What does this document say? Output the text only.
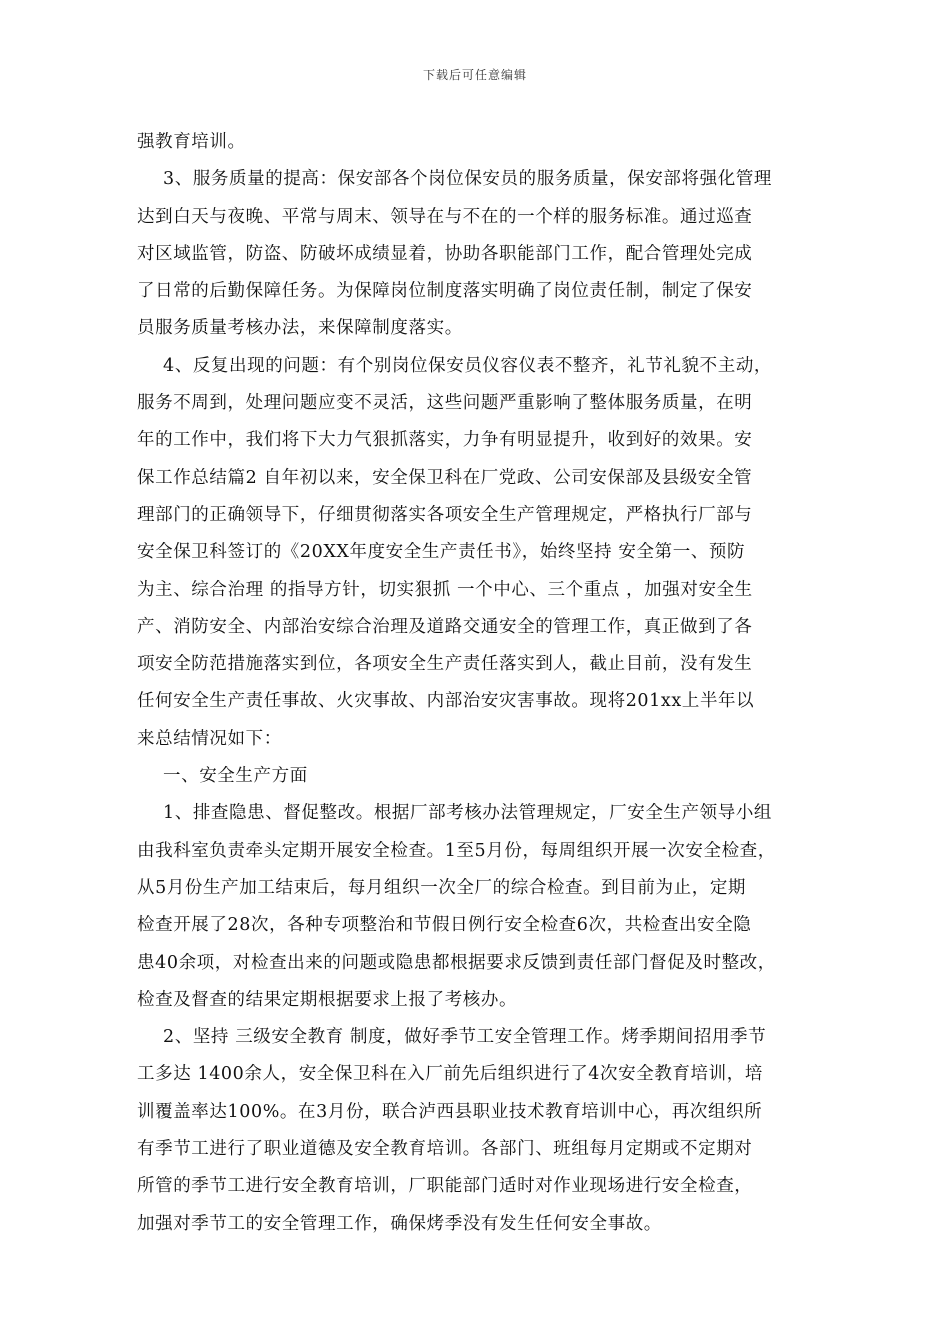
下载后可任意编辑
强教育培训。
3、服务质量的提高：保安部各个岗位保安员的服务质量，保安部将强化管理
达到白天与夜晚、平常与周末、领导在与不在的一个样的服务标准。通过巡查
对区域监管，防盗、防破坏成绩显着，协助各职能部门工作，配合管理处完成
了日常的后勤保障任务。为保障岗位制度落实明确了岗位责任制，制定了保安
员服务质量考核办法，来保障制度落实。
4、反复出现的问题：有个别岗位保安员仪容仪表不整齐，礼节礼貌不主动，
服务不周到，处理问题应变不灵活，这些问题严重影响了整体服务质量，在明
年的工作中，我们将下大力气狠抓落实，力争有明显提升，收到好的效果。安
保工作总结篇2 自年初以来，安全保卫科在厂党政、公司安保部及县级安全管
理部门的正确领导下，仔细贯彻落实各项安全生产管理规定，严格执行厂部与
安全保卫科签订的《20XX年度安全生产责任书》，始终坚持 安全第一、预防
为主、综合治理 的指导方针，切实狠抓 一个中心、三个重点 ，加强对安全生
产、消防安全、内部治安综合治理及道路交通安全的管理工作，真正做到了各
项安全防范措施落实到位，各项安全生产责任落实到人，截止目前，没有发生
任何安全生产责任事故、火灾事故、内部治安灾害事故。现将201xx上半年以
来总结情况如下：
一、安全生产方面
1、排查隐患、督促整改。根据厂部考核办法管理规定，厂安全生产领导小组
由我科室负责牵头定期开展安全检查。1至5月份，每周组织开展一次安全检查，
从5月份生产加工结束后，每月组织一次全厂的综合检查。到目前为止，定期
检查开展了28次，各种专项整治和节假日例行安全检查6次，共检查出安全隐
患40余项，对检查出来的问题或隐患都根据要求反馈到责任部门督促及时整改，
检查及督查的结果定期根据要求上报了考核办。
2、坚持 三级安全教育 制度，做好季节工安全管理工作。烤季期间招用季节
工多达 1400余人，安全保卫科在入厂前先后组织进行了4次安全教育培训，培
训覆盖率达100%。在3月份，联合泸西县职业技术教育培训中心，再次组织所
有季节工进行了职业道德及安全教育培训。各部门、班组每月定期或不定期对
所管的季节工进行安全教育培训，厂职能部门适时对作业现场进行安全检查，
加强对季节工的安全管理工作，确保烤季没有发生任何安全事故。
